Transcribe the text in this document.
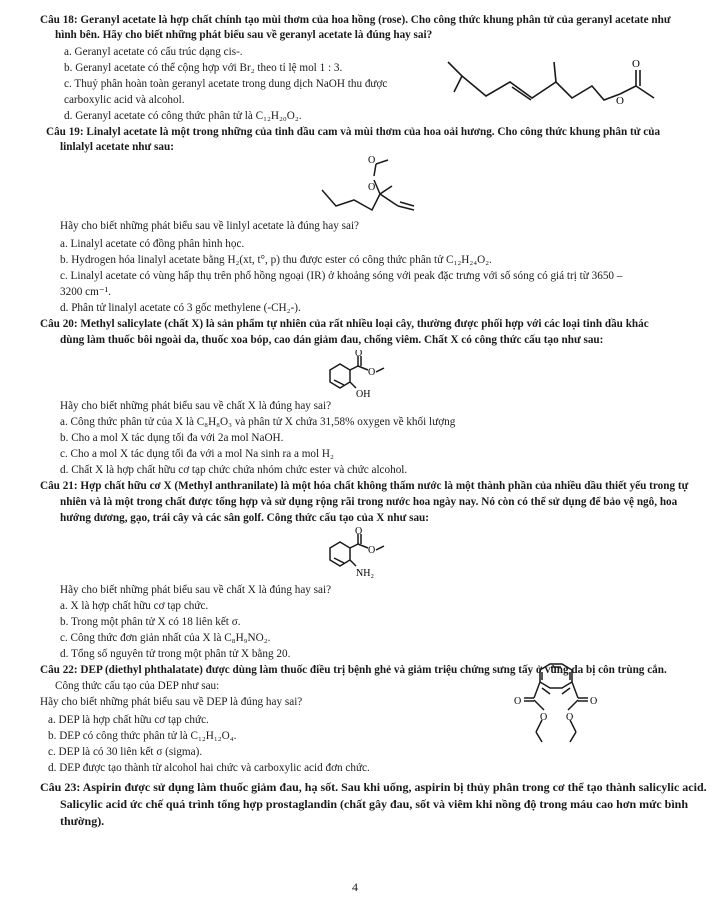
Câu 18: Geranyl acetate là hợp chất chính tạo mùi thơm của hoa hồng (rose). Cho công thức khung phân tử của geranyl acetate như
hình bên. Hãy cho biết những phát biểu sau về geranyl acetate là đúng hay sai?
a. Geranyl acetate có cấu trúc dạng cis-.
b. Geranyl acetate có thể cộng hợp với Br₂ theo tỉ lệ mol 1 : 3.
c. Thuỷ phân hoàn toàn geranyl acetate trong dung dịch NaOH thu được
carboxylic acid và alcohol.
d. Geranyl acetate có công thức phân tử là C₁₂H₂₀O₂.
O
O
Câu 19: Linalyl acetate là một trong những của tinh dầu cam và mùi thơm của hoa oải hương. Cho công thức khung phân tử của
linlalyl acetate như sau:
O
O
Hãy cho biết những phát biểu sau về linlyl acetate là đúng hay sai?
a. Linalyl acetate có đồng phân hình học.
b. Hydrogen hóa linalyl acetate bằng H₂(xt, t°, p) thu được ester có công thức phân tử C₁₂H₂₄O₂.
c. Linalyl acetate có vùng hấp thụ trên phổ hồng ngoại (IR) ở khoảng sóng với peak đặc trưng với số sóng có giá trị từ 3650 –
3200 cm⁻¹.
d. Phân tử linalyl acetate có 3 gốc methylene (-CH₂-).
Câu 20: Methyl salicylate (chất X) là sản phẩm tự nhiên của rất nhiều loại cây, thường được phối hợp với các loại tinh dầu khác
dùng làm thuốc bôi ngoài da, thuốc xoa bóp, cao dán giảm đau, chống viêm. Chất X có công thức cấu tạo như sau:
O
O
OH
Hãy cho biết những phát biểu sau về chất X là đúng hay sai?
a. Công thức phân tử của X là C₈H₈O₃ và phân tử X chứa 31,58% oxygen về khối lượng
b. Cho a mol X tác dụng tối đa với 2a mol NaOH.
c. Cho a mol X tác dụng tối đa với a mol Na sinh ra a mol H₂
d. Chất X là hợp chất hữu cơ tạp chức chứa nhóm chức ester và chức alcohol.
Câu 21: Hợp chất hữu cơ X (Methyl anthranilate) là một hóa chất không thấm nước là một thành phần của nhiều dầu thiết yếu trong tự
nhiên và là một trong chất được tổng hợp và sử dụng rộng rãi trong nước hoa ngày nay. Nó còn có thể sử dụng để bảo vệ ngô, hoa
hướng dương, gạo, trái cây và các sân golf. Công thức cấu tạo của X như sau:
O
O
NH₂
Hãy cho biết những phát biểu sau về chất X là đúng hay sai?
a. X là hợp chất hữu cơ tạp chức.
b. Trong một phân tử X có 18 liên kết σ.
c. Công thức đơn giản nhất của X là C₈H₉NO₂.
d. Tổng số nguyên tử trong một phân tử X bằng 20.
Câu 22: DEP (diethyl phthalatate) được dùng làm thuốc điều trị bệnh ghẻ và giảm triệu chứng sưng tấy ở vùng da bị côn trùng cắn.
Công thức cấu tạo của DEP như sau:
Hãy cho biết những phát biểu sau về DEP là đúng hay sai?
a. DEP là hợp chất hữu cơ tạp chức.
b. DEP có công thức phân tử là C₁₂H₁₂O₄.
c. DEP là có 30 liên kết σ (sigma).
d. DEP được tạo thành từ alcohol hai chức và carboxylic acid đơn chức.
O	O
O O
Câu 23: Aspirin được sử dụng làm thuốc giảm đau, hạ sốt. Sau khi uống, aspirin bị thủy phân trong cơ thể tạo thành salicylic acid.
Salicylic acid ức chế quá trình tổng hợp prostaglandin (chất gây đau, sốt và viêm khi nồng độ trong máu cao hơn mức bình
thường).
4
